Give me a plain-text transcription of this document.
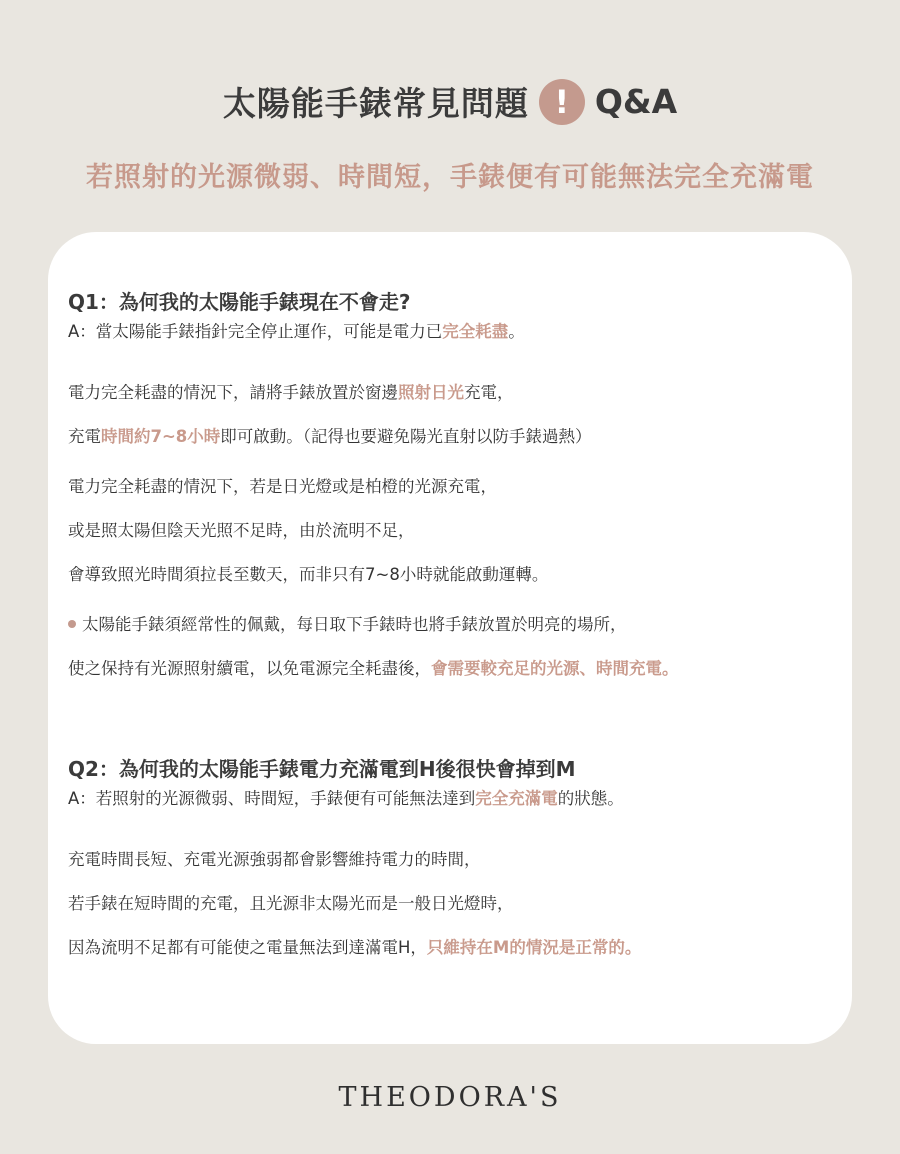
太陽能手錶常見問題 ! Q&A
若照射的光源微弱、時間短，手錶便有可能無法完全充滿電
Q1：為何我的太陽能手錶現在不會走?
A：當太陽能手錶指針完全停止運作，可能是電力已完全耗盡。
電力完全耗盡的情況下，請將手錶放置於窗邊照射日光充電，
充電時間約7~8小時即可啟動。（記得也要避免陽光直射以防手錶過熱）
電力完全耗盡的情況下，若是日光燈或是柏橙的光源充電，
或是照太陽但陰天光照不足時，由於流明不足，
會導致照光時間須拉長至數天，而非只有7~8小時就能啟動運轉。
太陽能手錶須經常性的佩戴，每日取下手錶時也將手錶放置於明亮的場所，
使之保持有光源照射續電，以免電源完全耗盡後，會需要較充足的光源、時間充電。
Q2：為何我的太陽能手錶電力充滿電到H後很快會掉到M
A：若照射的光源微弱、時間短，手錶便有可能無法達到完全充滿電的狀態。
充電時間長短、充電光源強弱都會影響維持電力的時間，
若手錶在短時間的充電，且光源非太陽光而是一般日光燈時，
因為流明不足都有可能使之電量無法到達滿電H，只維持在M的情況是正常的。
THEODORA'S
